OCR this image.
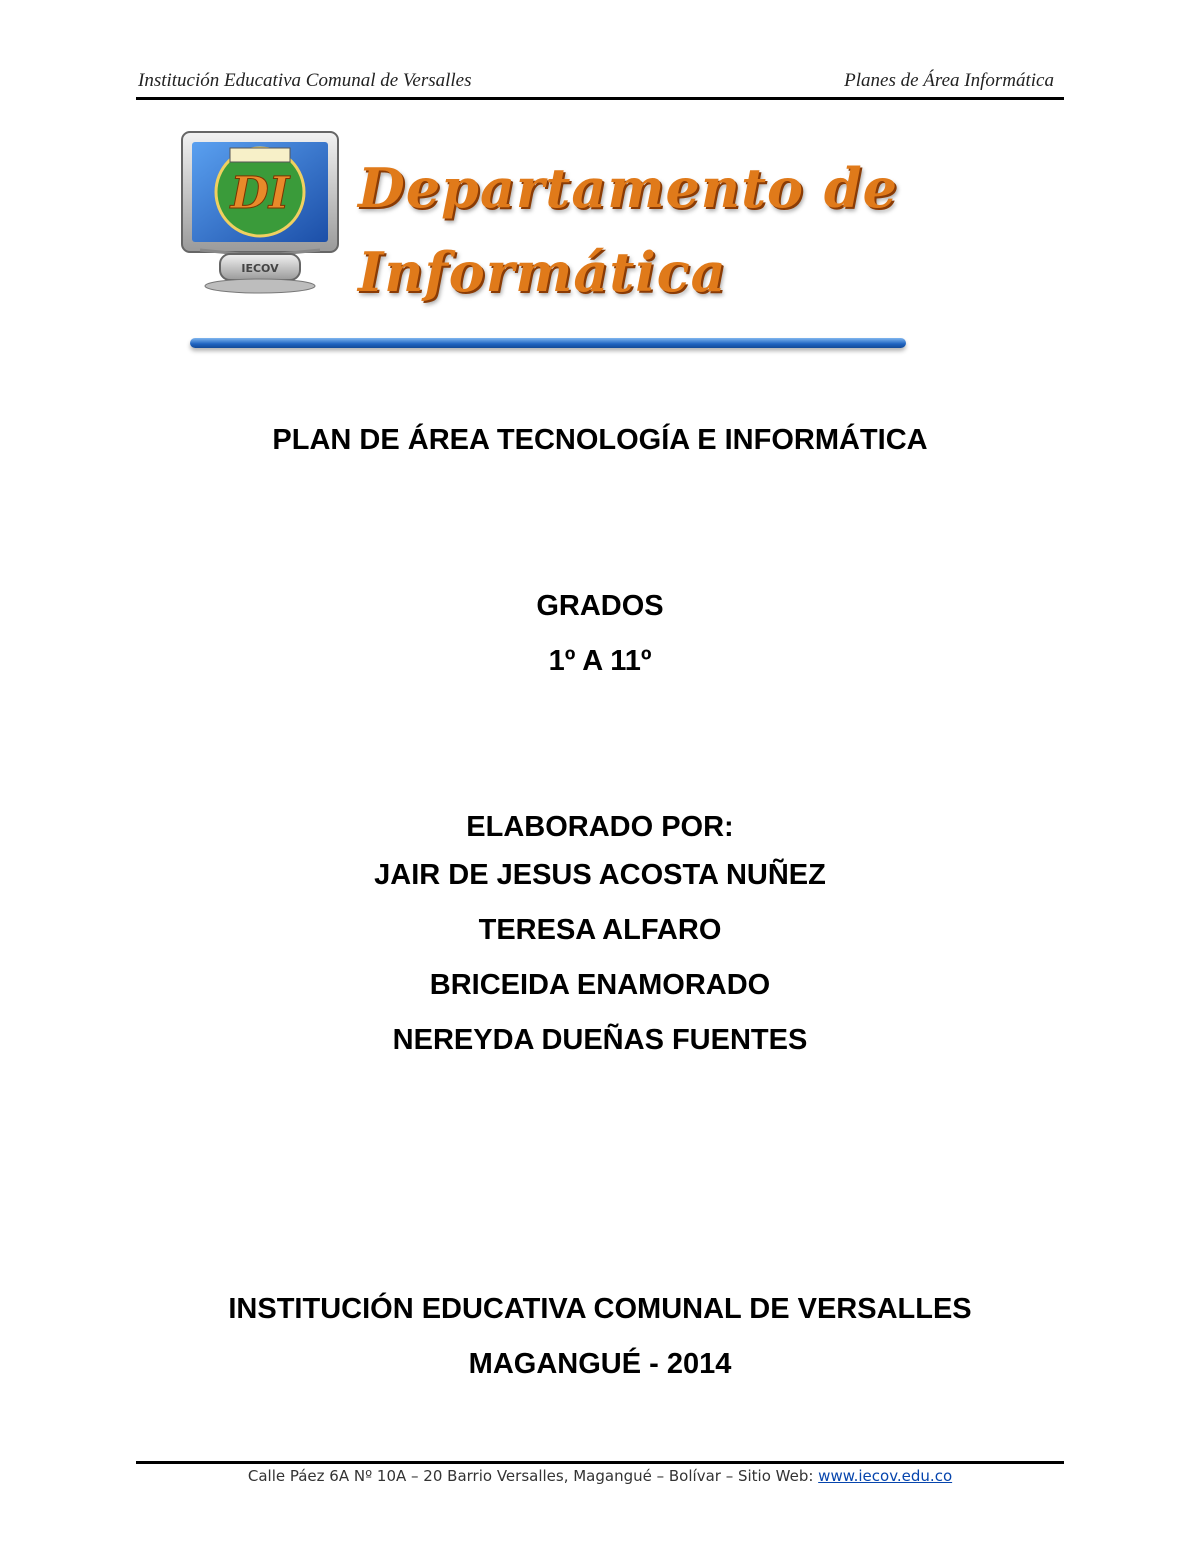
Institución Educativa Comunal de Versalles	Planes de Área Informática
DI
IECOV
Departamento de
Informática
PLAN DE ÁREA TECNOLOGÍA E INFORMÁTICA
GRADOS
1º A 11º
ELABORADO POR:
JAIR DE JESUS ACOSTA NUÑEZ
TERESA ALFARO
BRICEIDA ENAMORADO
NEREYDA DUEÑAS FUENTES
INSTITUCIÓN EDUCATIVA COMUNAL DE VERSALLES
MAGANGUÉ - 2014
Calle Páez 6A Nº 10A – 20 Barrio Versalles, Magangué – Bolívar – Sitio Web: www.iecov.edu.co
